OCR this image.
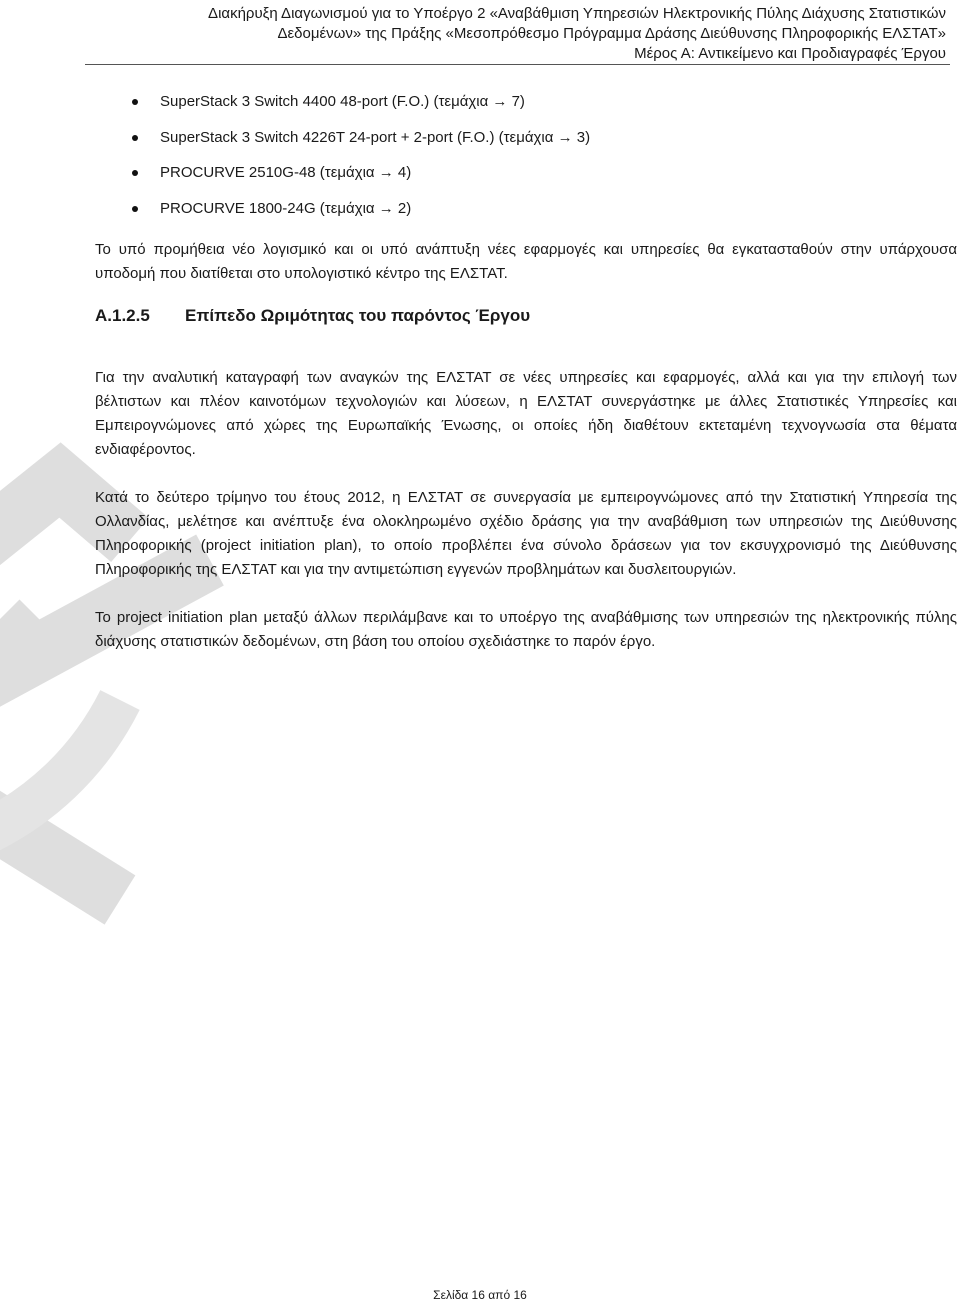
Διακήρυξη Διαγωνισμού για το Υποέργο 2 «Αναβάθμιση Υπηρεσιών Ηλεκτρονικής Πύλης Διάχυσης Στατιστικών
Δεδομένων» της Πράξης «Μεσοπρόθεσμο Πρόγραμμα Δράσης Διεύθυνσης Πληροφορικής ΕΛΣΤΑΤ»
Μέρος Α: Αντικείμενο και Προδιαγραφές Έργου
SuperStack 3 Switch 4400 48-port (F.O.) (τεμάχια → 7)
SuperStack 3 Switch 4226T 24-port + 2-port (F.O.) (τεμάχια → 3)
PROCURVE 2510G-48 (τεμάχια → 4)
PROCURVE 1800-24G (τεμάχια → 2)

Το υπό προμήθεια νέο λογισμικό και οι υπό ανάπτυξη νέες εφαρμογές και υπηρεσίες θα εγκατασταθούν στην υπάρχουσα υποδομή που διατίθεται στο υπολογιστικό κέντρο της ΕΛΣΤΑΤ.

Α.1.2.5	Επίπεδο Ωριμότητας του παρόντος Έργου

Για την αναλυτική καταγραφή των αναγκών της ΕΛΣΤΑΤ σε νέες υπηρεσίες και εφαρμογές, αλλά και για την επιλογή των βέλτιστων και πλέον καινοτόμων τεχνολογιών και λύσεων, η ΕΛΣΤΑΤ συνεργάστηκε με άλλες Στατιστικές Υπηρεσίες και Εμπειρογνώμονες από χώρες της Ευρωπαϊκής Ένωσης, οι οποίες ήδη διαθέτουν εκτεταμένη τεχνογνωσία στα θέματα ενδιαφέροντος.

Κατά το δεύτερο τρίμηνο του έτους 2012, η ΕΛΣΤΑΤ σε συνεργασία με εμπειρογνώμονες από την Στατιστική Υπηρεσία της Ολλανδίας, μελέτησε και ανέπτυξε ένα ολοκληρωμένο σχέδιο δράσης για την αναβάθμιση των υπηρεσιών της Διεύθυνσης Πληροφορικής (project initiation plan), το οποίο προβλέπει ένα σύνολο δράσεων για τον εκσυγχρονισμό της Διεύθυνσης Πληροφορικής της ΕΛΣΤΑΤ και για την αντιμετώπιση εγγενών προβλημάτων και δυσλειτουργιών.

Το project initiation plan μεταξύ άλλων περιλάμβανε και το υποέργο της αναβάθμισης των υπηρεσιών της ηλεκτρονικής πύλης διάχυσης στατιστικών δεδομένων, στη βάση του οποίου σχεδιάστηκε το παρόν έργο.

Σελίδα 16 από 16
